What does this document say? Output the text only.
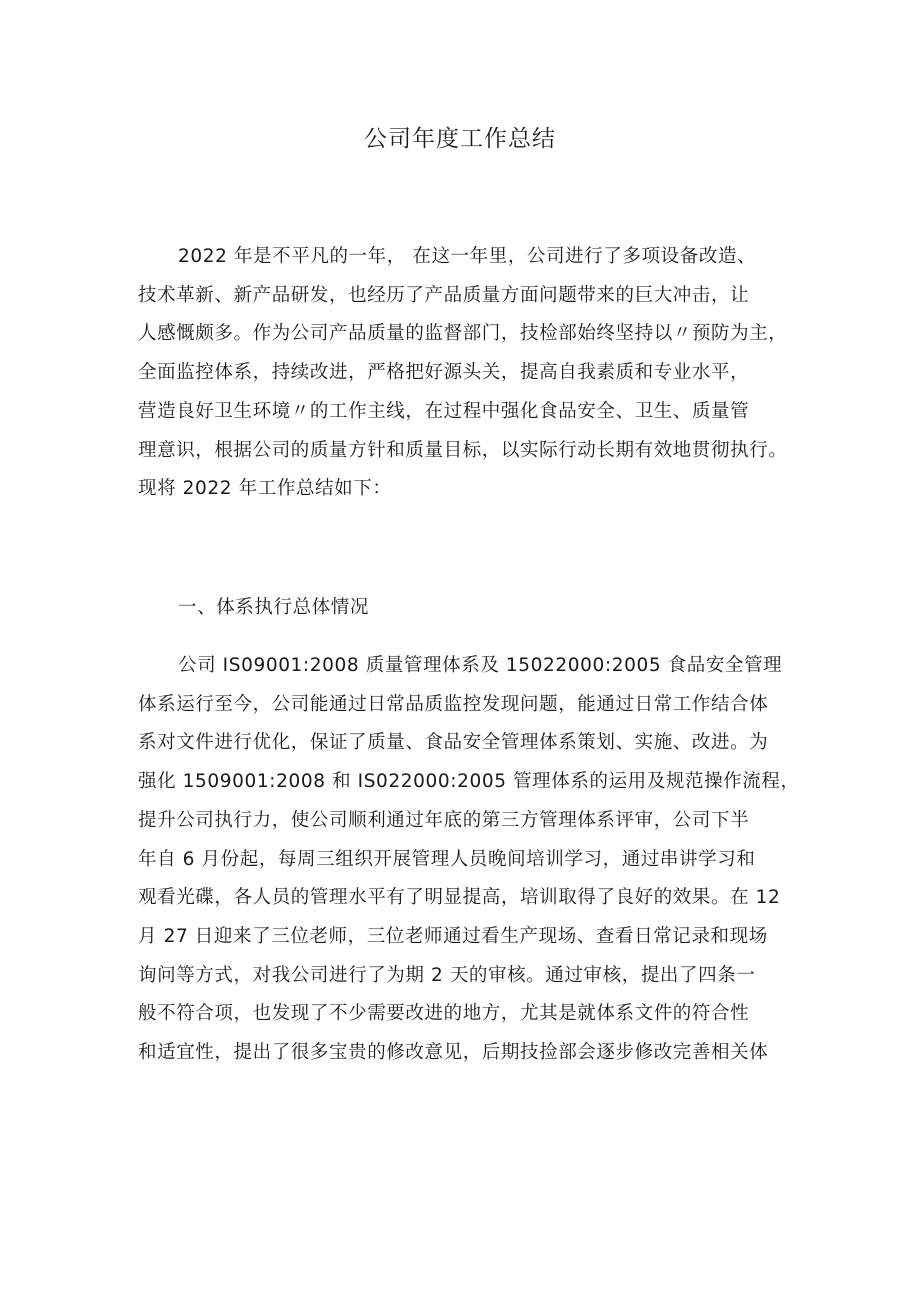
公司年度工作总结

2022 年是不平凡的一年， 在这一年里，公司进行了多项设备改造、
技术革新、新产品研发，也经历了产品质量方面问题带来的巨大冲击，让
人感慨颇多。作为公司产品质量的监督部门，技检部始终坚持以〃预防为主，
全面监控体系，持续改进，严格把好源头关，提高自我素质和专业水平，
营造良好卫生环境〃的工作主线，在过程中强化食品安全、卫生、质量管
理意识，根据公司的质量方针和质量目标，以实际行动长期有效地贯彻执行。
现将 2022 年工作总结如下：

一、体系执行总体情况

公司 IS09001:2008 质量管理体系及 15022000:2005 食品安全管理
体系运行至今，公司能通过日常品质监控发现问题，能通过日常工作结合体
系对文件进行优化，保证了质量、食品安全管理体系策划、实施、改进。为
强化 1509001:2008 和 IS022000:2005 管理体系的运用及规范操作流程，
提升公司执行力，使公司顺利通过年底的第三方管理体系评审，公司下半
年自 6 月份起，每周三组织开展管理人员晚间培训学习，通过串讲学习和
观看光碟，各人员的管理水平有了明显提高，培训取得了良好的效果。在 12
月 27 日迎来了三位老师，三位老师通过看生产现场、查看日常记录和现场
询问等方式，对我公司进行了为期 2 天的审核。通过审核，提出了四条一
般不符合项，也发现了不少需要改进的地方，尤其是就体系文件的符合性
和适宜性，提出了很多宝贵的修改意见，后期技捡部会逐步修改完善相关体
